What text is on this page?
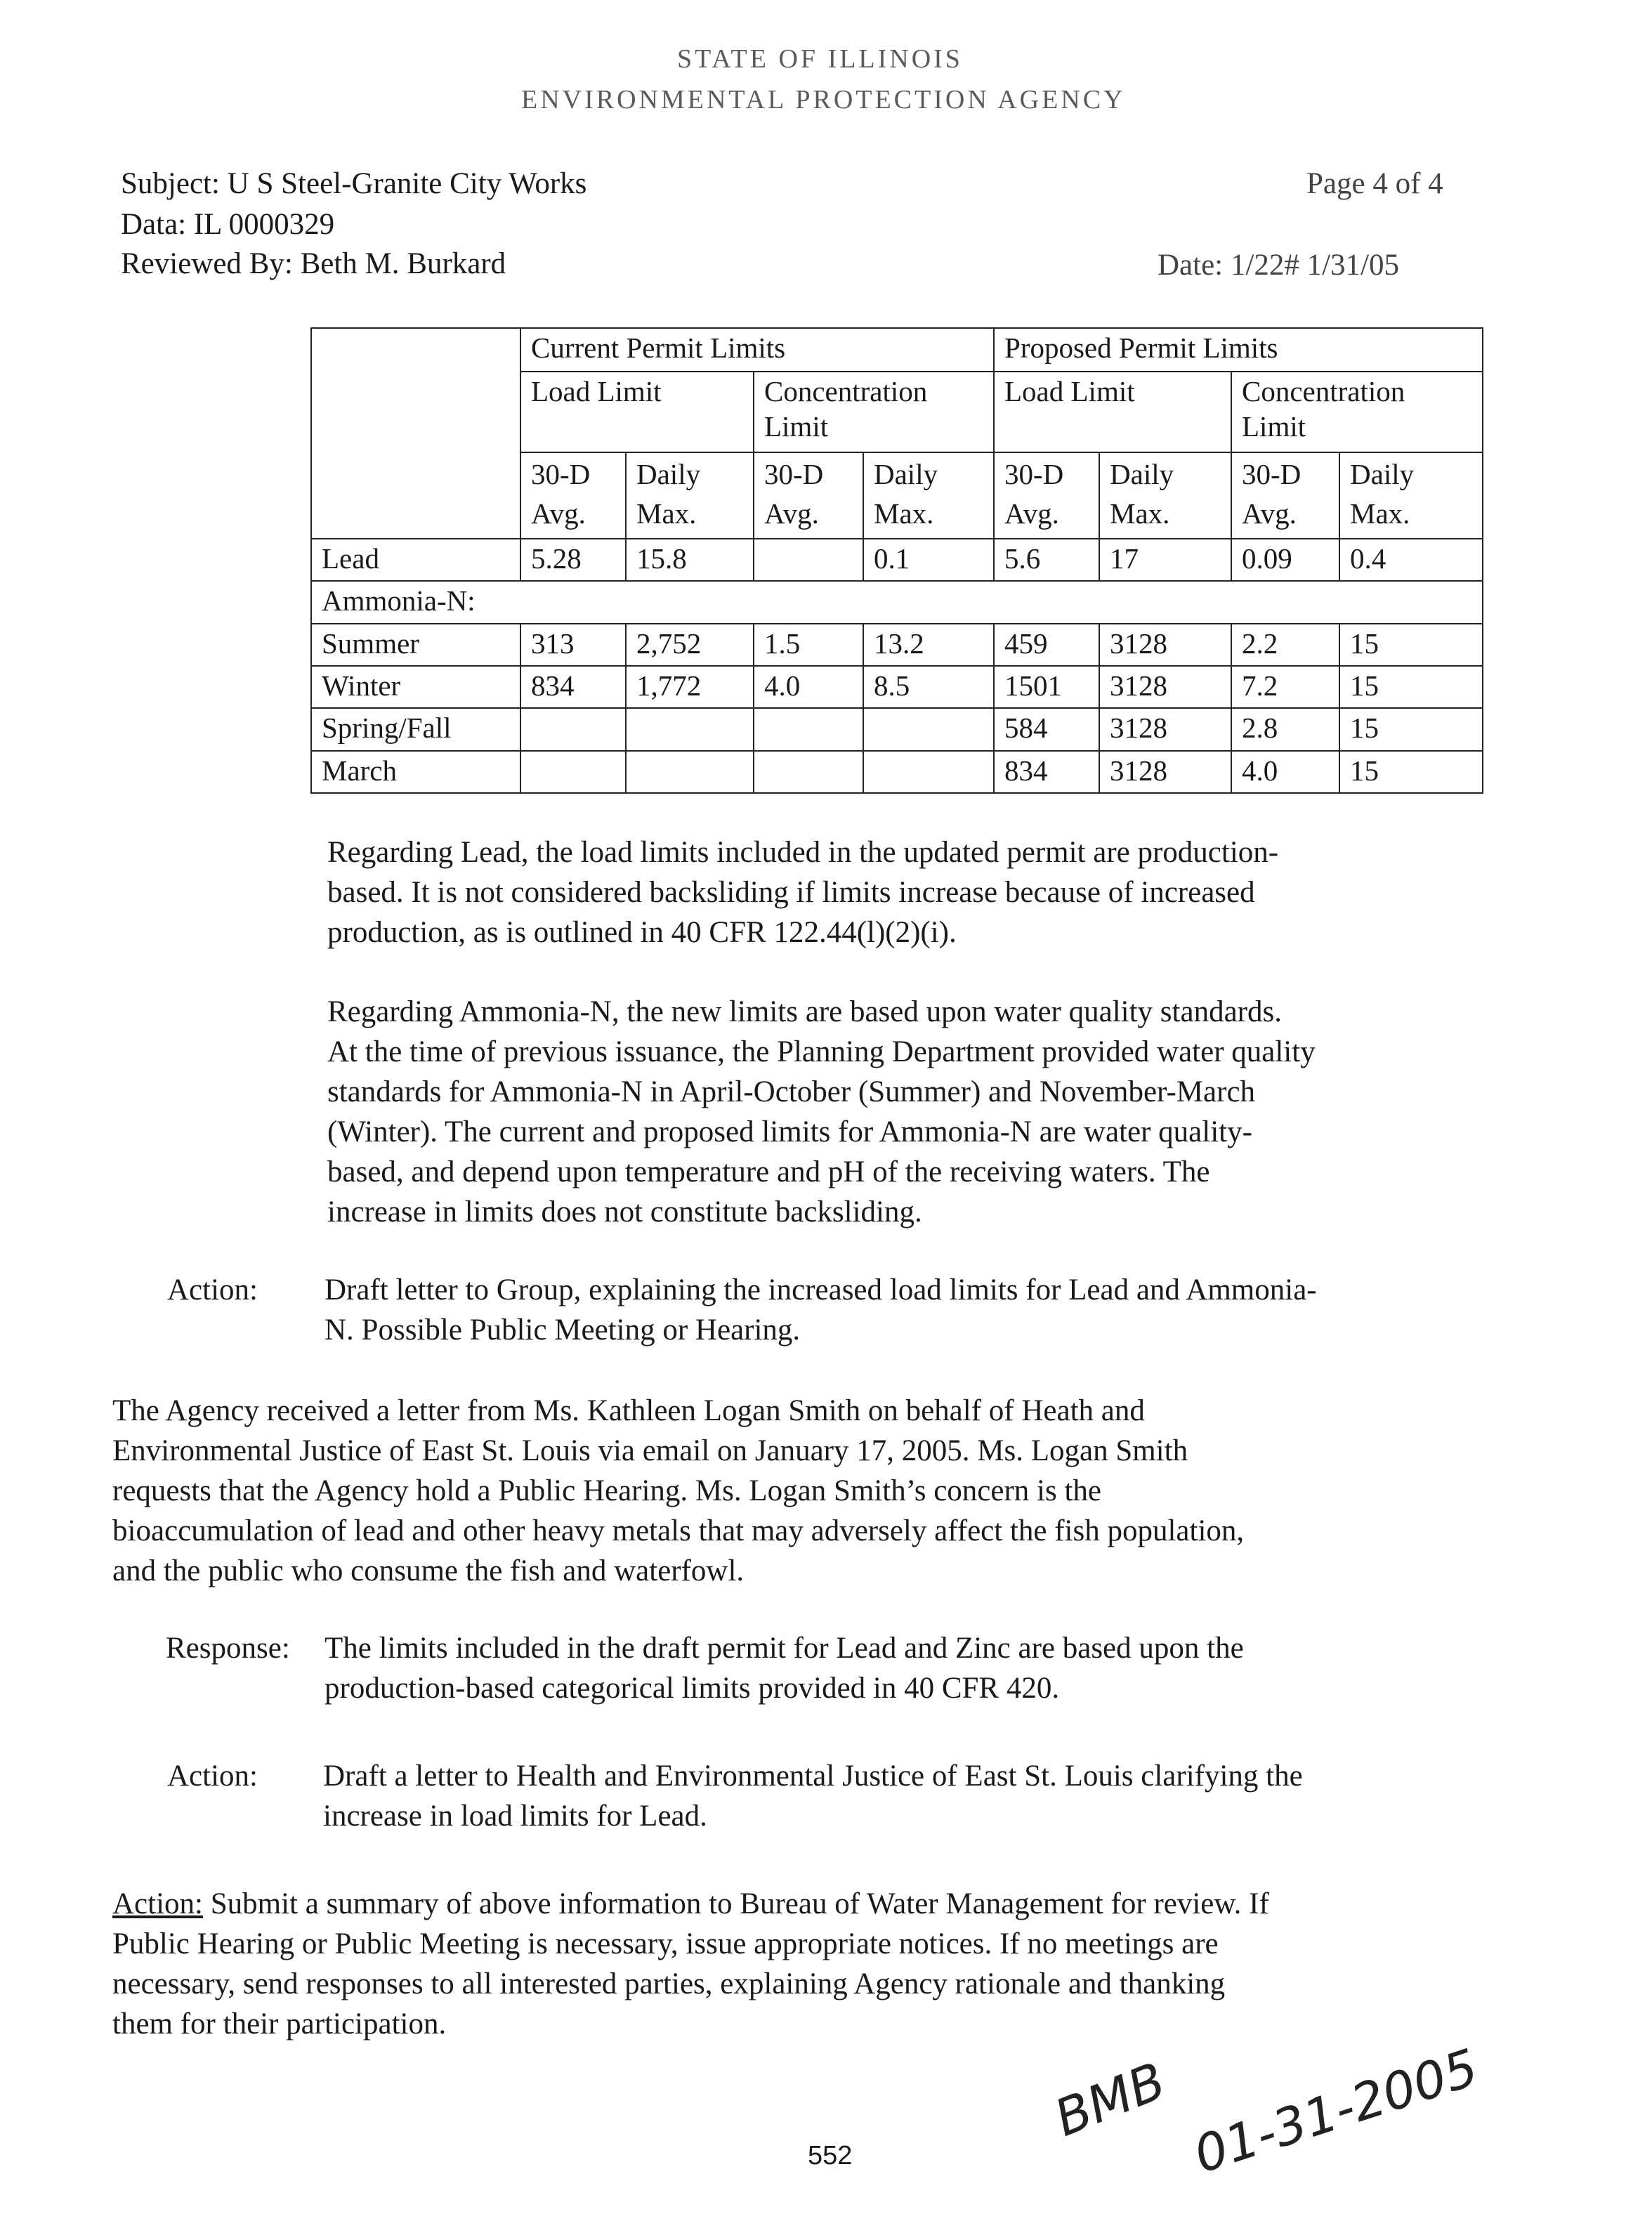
STATE OF ILLINOIS
ENVIRONMENTAL PROTECTION AGENCY
Subject: U S Steel-Granite City Works
Data: IL 0000329
Reviewed By: Beth M. Burkard
Page 4 of 4
Date: 1/22# 1/31/05
	Current Permit Limits				Proposed Permit Limits			
	Load Limit		Concentration Limit		Load Limit		Concentration Limit	
	30-D Avg.	Daily Max.	30-D Avg.	Daily Max.	30-D Avg.	Daily Max.	30-D Avg.	Daily Max.
Lead	5.28	15.8		0.1	5.6	17	0.09	0.4
Ammonia-N:								
Summer	313	2,752	1.5	13.2	459	3128	2.2	15
Winter	834	1,772	4.0	8.5	1501	3128	7.2	15
Spring/Fall					584	3128	2.8	15
March					834	3128	4.0	15
Regarding Lead, the load limits included in the updated permit are production-
based. It is not considered backsliding if limits increase because of increased
production, as is outlined in 40 CFR 122.44(l)(2)(i).
Regarding Ammonia-N, the new limits are based upon water quality standards.
At the time of previous issuance, the Planning Department provided water quality
standards for Ammonia-N in April-October (Summer) and November-March
(Winter). The current and proposed limits for Ammonia-N are water quality-
based, and depend upon temperature and pH of the receiving waters. The
increase in limits does not constitute backsliding.
Action: Draft letter to Group, explaining the increased load limits for Lead and Ammonia-
N. Possible Public Meeting or Hearing.
The Agency received a letter from Ms. Kathleen Logan Smith on behalf of Heath and
Environmental Justice of East St. Louis via email on January 17, 2005. Ms. Logan Smith
requests that the Agency hold a Public Hearing. Ms. Logan Smith’s concern is the
bioaccumulation of lead and other heavy metals that may adversely affect the fish population,
and the public who consume the fish and waterfowl.
Response: The limits included in the draft permit for Lead and Zinc are based upon the
production-based categorical limits provided in 40 CFR 420.
Action: Draft a letter to Health and Environmental Justice of East St. Louis clarifying the
increase in load limits for Lead.
Action: Submit a summary of above information to Bureau of Water Management for review. If
Public Hearing or Public Meeting is necessary, issue appropriate notices. If no meetings are
necessary, send responses to all interested parties, explaining Agency rationale and thanking
them for their participation.
BMB 01-31-2005
552
